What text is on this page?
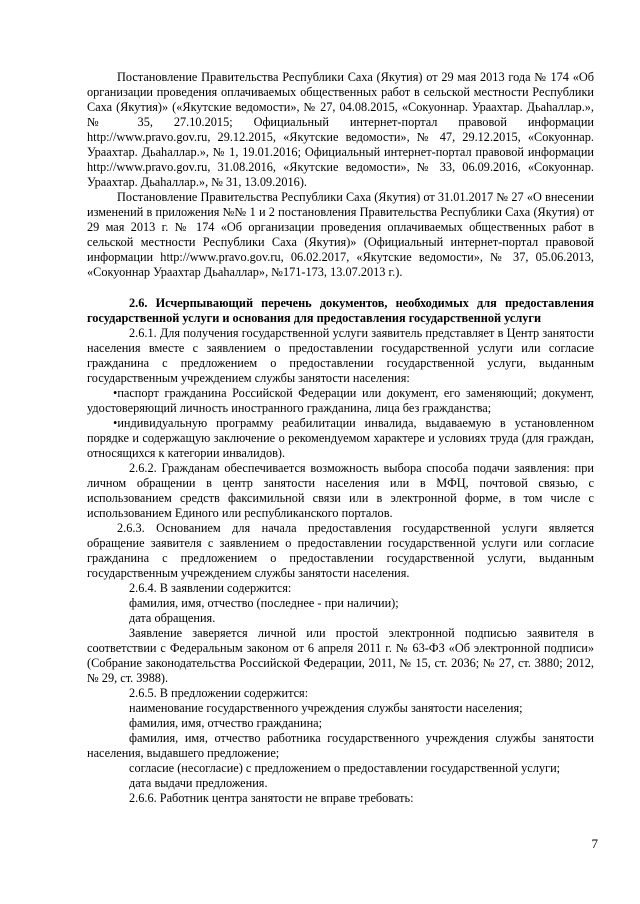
Постановление Правительства Республики Саха (Якутия) от 29 мая 2013 года № 174 «Об организации проведения оплачиваемых общественных работ в сельской местности Республики Саха (Якутия)» («Якутские ведомости», № 27, 04.08.2015, «Сокуоннар. Ураахтар. Дьаһаллар.», № 35, 27.10.2015; Официальный интернет-портал правовой информации http://www.pravo.gov.ru, 29.12.2015, «Якутские ведомости», № 47, 29.12.2015, «Сокуоннар. Ураахтар. Дьаһаллар.», № 1, 19.01.2016; Официальный интернет-портал правовой информации http://www.pravo.gov.ru, 31.08.2016, «Якутские ведомости», № 33, 06.09.2016, «Сокуоннар. Ураахтар. Дьаһаллар.», № 31, 13.09.2016).

Постановление Правительства Республики Саха (Якутия) от 31.01.2017 № 27 «О внесении изменений в приложения №№ 1 и 2 постановления Правительства Республики Саха (Якутия) от 29 мая 2013 г. № 174 «Об организации проведения оплачиваемых общественных работ в сельской местности Республики Саха (Якутия)» (Официальный интернет-портал правовой информации http://www.pravo.gov.ru, 06.02.2017, «Якутские ведомости», № 37, 05.06.2013, «Сокуоннар Ураахтар Дьаһаллар», №171-173, 13.07.2013 г.).

2.6. Исчерпывающий перечень документов, необходимых для предоставления государственной услуги и основания для предоставления государственной услуги

2.6.1. Для получения государственной услуги заявитель представляет в Центр занятости населения вместе с заявлением о предоставлении государственной услуги или согласие гражданина с предложением о предоставлении государственной услуги, выданным государственным учреждением службы занятости населения:

• паспорт гражданина Российской Федерации или документ, его заменяющий; документ, удостоверяющий личность иностранного гражданина, лица без гражданства;

• индивидуальную программу реабилитации инвалида, выдаваемую в установленном порядке и содержащую заключение о рекомендуемом характере и условиях труда (для граждан, относящихся к категории инвалидов).

2.6.2. Гражданам обеспечивается возможность выбора способа подачи заявления: при личном обращении в центр занятости населения или в МФЦ, почтовой связью, с использованием средств факсимильной связи или в электронной форме, в том числе с использованием Единого или республиканского порталов.

2.6.3. Основанием для начала предоставления государственной услуги является обращение заявителя с заявлением о предоставлении государственной услуги или согласие гражданина с предложением о предоставлении государственной услуги, выданным государственным учреждением службы занятости населения.

2.6.4. В заявлении содержится:

фамилия, имя, отчество (последнее - при наличии);

дата обращения.

Заявление заверяется личной или простой электронной подписью заявителя в соответствии с Федеральным законом от 6 апреля 2011 г. № 63-ФЗ «Об электронной подписи» (Собрание законодательства Российской Федерации, 2011, № 15, ст. 2036; № 27, ст. 3880; 2012, № 29, ст. 3988).

2.6.5. В предложении содержится:

наименование государственного учреждения службы занятости населения;

фамилия, имя, отчество гражданина;

фамилия, имя, отчество работника государственного учреждения службы занятости населения, выдавшего предложение;

согласие (несогласие) с предложением о предоставлении государственной услуги;

дата выдачи предложения.

2.6.6. Работник центра занятости не вправе требовать:

7
